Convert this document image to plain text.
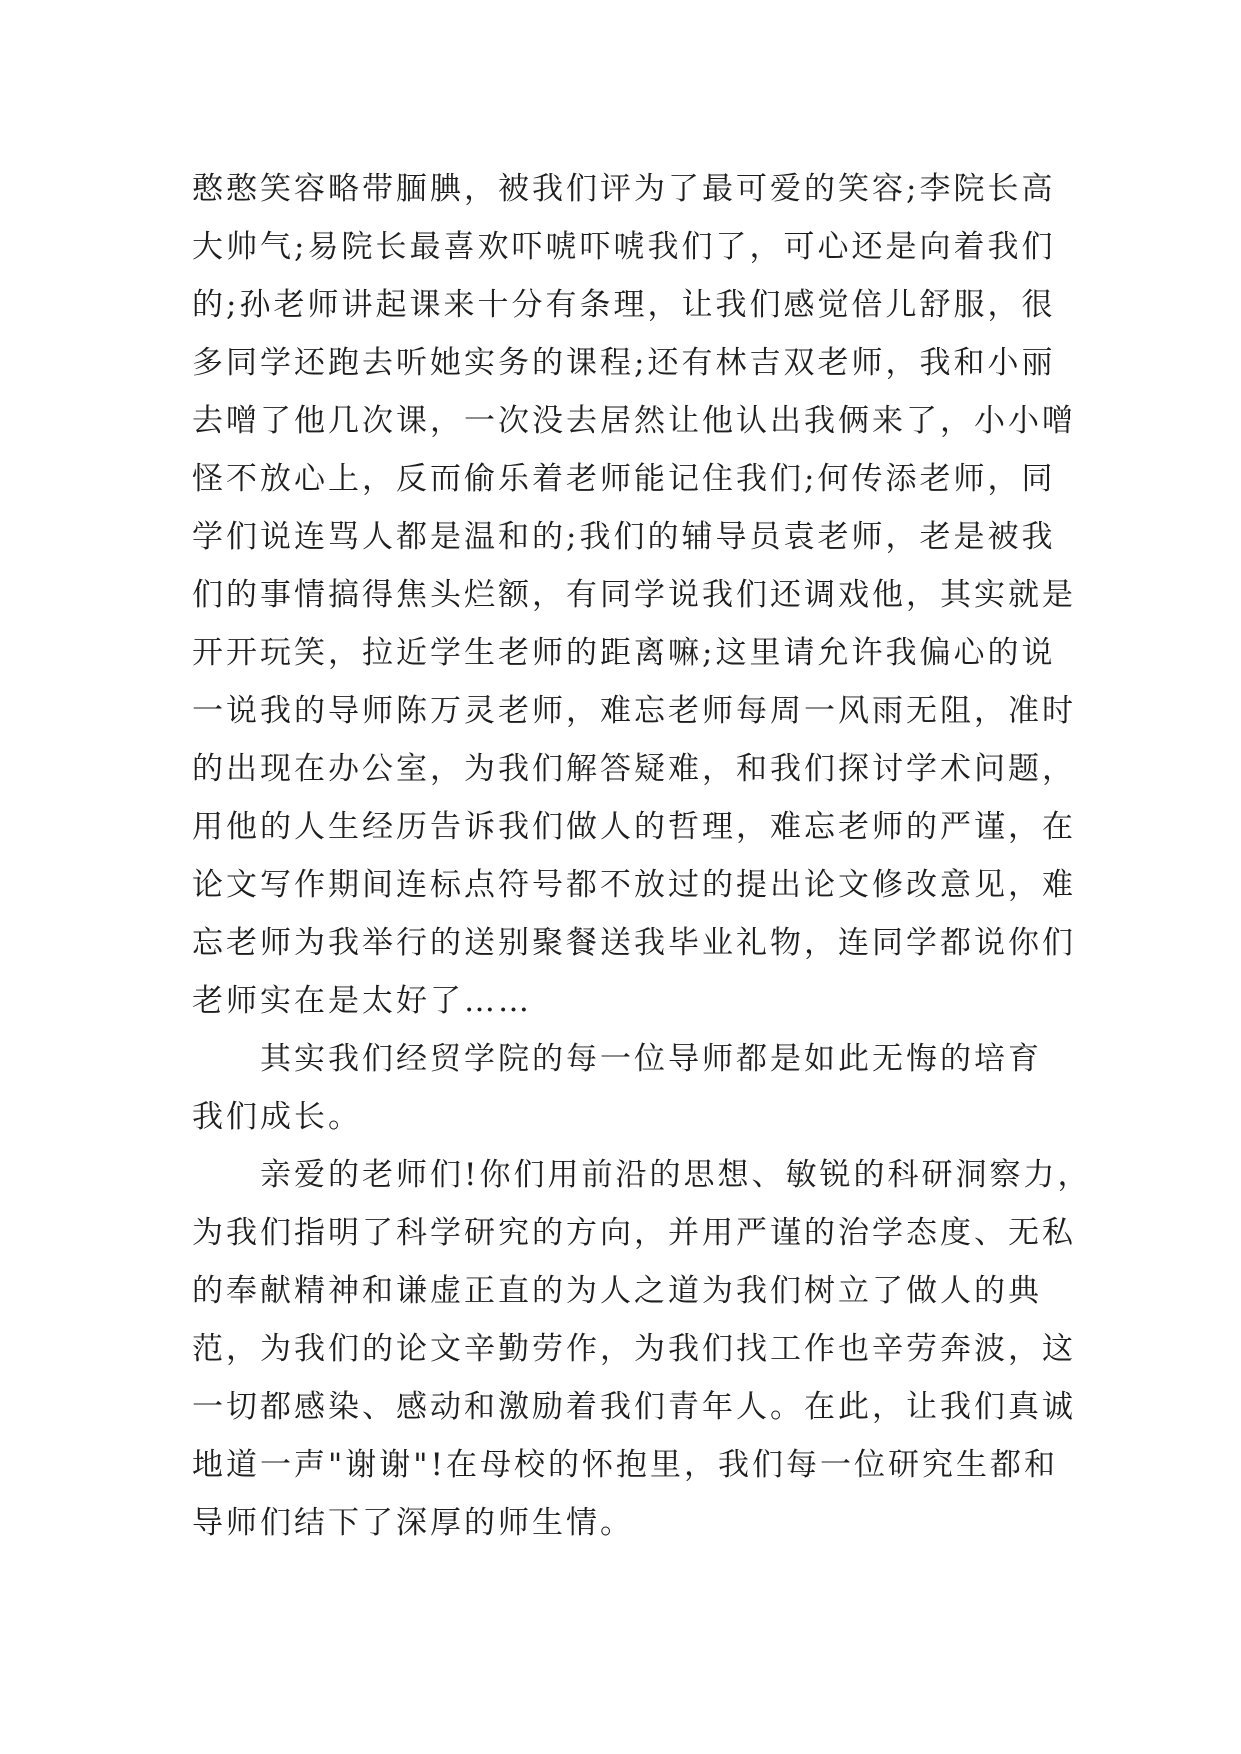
憨憨笑容略带腼腆，被我们评为了最可爱的笑容;李院长高
大帅气;易院长最喜欢吓唬吓唬我们了，可心还是向着我们
的;孙老师讲起课来十分有条理，让我们感觉倍儿舒服，很
多同学还跑去听她实务的课程;还有林吉双老师，我和小丽
去噌了他几次课，一次没去居然让他认出我俩来了，小小噌
怪不放心上，反而偷乐着老师能记住我们;何传添老师，同
学们说连骂人都是温和的;我们的辅导员袁老师，老是被我
们的事情搞得焦头烂额，有同学说我们还调戏他，其实就是
开开玩笑，拉近学生老师的距离嘛;这里请允许我偏心的说
一说我的导师陈万灵老师，难忘老师每周一风雨无阻，准时
的出现在办公室，为我们解答疑难，和我们探讨学术问题，
用他的人生经历告诉我们做人的哲理，难忘老师的严谨，在
论文写作期间连标点符号都不放过的提出论文修改意见，难
忘老师为我举行的送别聚餐送我毕业礼物，连同学都说你们
老师实在是太好了……
其实我们经贸学院的每一位导师都是如此无悔的培育
我们成长。
亲爱的老师们!你们用前沿的思想、敏锐的科研洞察力，
为我们指明了科学研究的方向，并用严谨的治学态度、无私
的奉献精神和谦虚正直的为人之道为我们树立了做人的典
范，为我们的论文辛勤劳作，为我们找工作也辛劳奔波，这
一切都感染、感动和激励着我们青年人。在此，让我们真诚
地道一声"谢谢"!在母校的怀抱里，我们每一位研究生都和
导师们结下了深厚的师生情。
